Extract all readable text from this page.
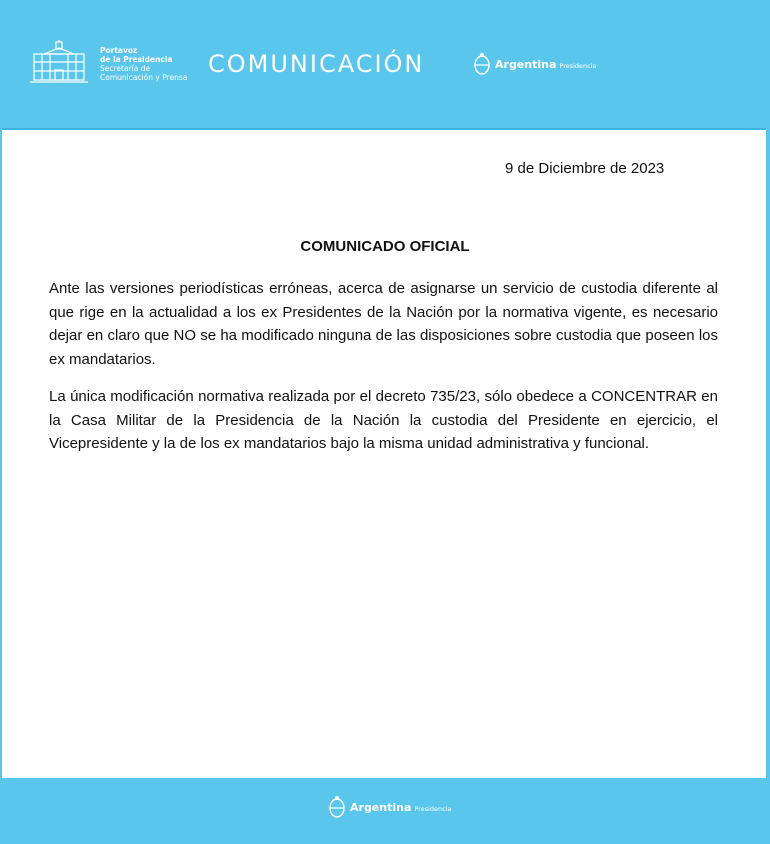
Portavoz
de la Presidencia
Secretaría de
Comunicación y Prensa COMUNICACIÓN	Argentina Presidencia
9 de Diciembre de 2023
COMUNICADO OFICIAL

Ante las versiones periodísticas erróneas, acerca de asignarse un servicio de custodia diferente al que rige en la actualidad a los ex Presidentes de la Nación por la normativa vigente, es necesario dejar en claro que NO se ha modificado ninguna de las disposiciones sobre custodia que poseen los ex mandatarios.

La única modificación normativa realizada por el decreto 735/23, sólo obedece a CONCENTRAR en la Casa Militar de la Presidencia de la Nación la custodia del Presidente en ejercicio, el Vicepresidente y la de los ex mandatarios bajo la misma unidad administrativa y funcional.

Argentina Presidencia
